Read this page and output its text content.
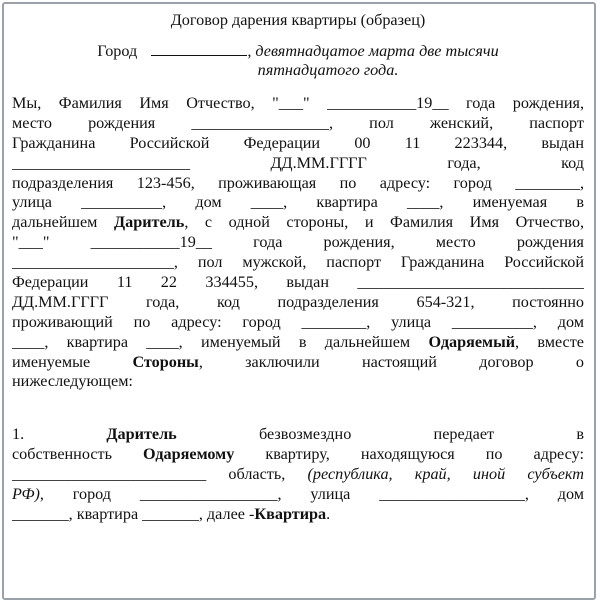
Договор дарения квартиры (образец)
Город	, девятнадцатое марта две тысячи
пятнадцатого года.
Мы, Фамилия Имя Отчество, "___" ___________19__ года рождения,
место рождения _________________, пол женский, паспорт
Гражданина Российской Федерации 00 11 223344, выдан
______________________	ДД.ММ.ГГГГ года, код
подразделения 123-456, проживающая по адресу: город ________,
улица __________, дом ____, квартира ____, именуемая в
дальнейшем Даритель, с одной стороны, и Фамилия Имя Отчество,
"___"	___________19__ года рождения, место рождения
____________________, пол мужской, паспорт Гражданина Российской
Федерации 11 22 334455, выдан ____________________________
ДД.ММ.ГГГГ года, код подразделения 654-321, постоянно
проживающий по адресу: город ________, улица __________, дом
____, квартира ____, именуемый в дальнейшем Одаряемый, вместе
именуемые Стороны, заключили настоящий договор о
нижеследующем:
1.	Даритель	безвозмездно передает в
собственность Одаряемому квартиру, находящуюся по адресу:
________________________ область, (республика, край, иной субъект
РФ), город _________________, улица __________________, дом
_______, квартира _______, далее -Квартира.
